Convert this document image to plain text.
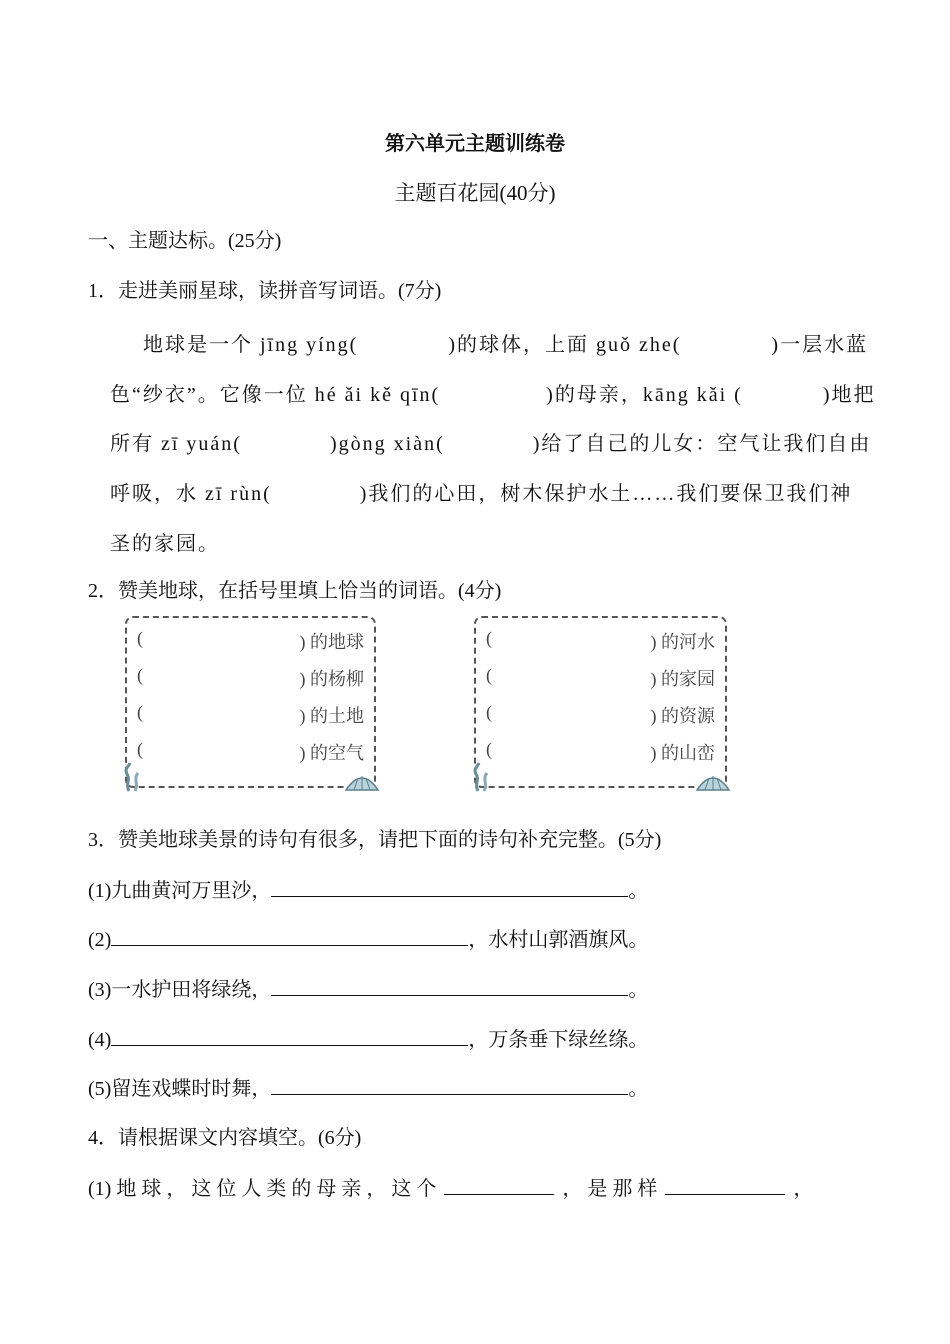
第六单元主题训练卷
主题百花园(40分)
一、主题达标。(25分)
1．走进美丽星球，读拼音写词语。(7分)
地球是一个 jīng yíng(	)的球体，上面 guǒ zhe(	)一层水蓝
色“纱衣”。它像一位 hé ǎi kě qīn(	)的母亲，kāng kǎi (	)地把
所有 zī yuán(	)gòng xiàn(	)给了自己的儿女：空气让我们自由
呼吸，水 zī rùn(	)我们的心田，树木保护水土……我们要保卫我们神
圣的家园。
2．赞美地球，在括号里填上恰当的词语。(4分)
(	) 的地球
(	) 的杨柳
(	) 的土地
(	) 的空气
(	) 的河水
(	) 的家园
(	) 的资源
(	) 的山峦
3．赞美地球美景的诗句有很多，请把下面的诗句补充完整。(5分)
(1)九曲黄河万里沙，	。
(2)	，水村山郭酒旗风。
(3)一水护田将绿绕，	。
(4)	，万条垂下绿丝绦。
(5)留连戏蝶时时舞，	。
4．请根据课文内容填空。(6分)
(1) 地 球 ， 这 位 人 类 的 母 亲 ， 这 个	， 是 那 样	，
